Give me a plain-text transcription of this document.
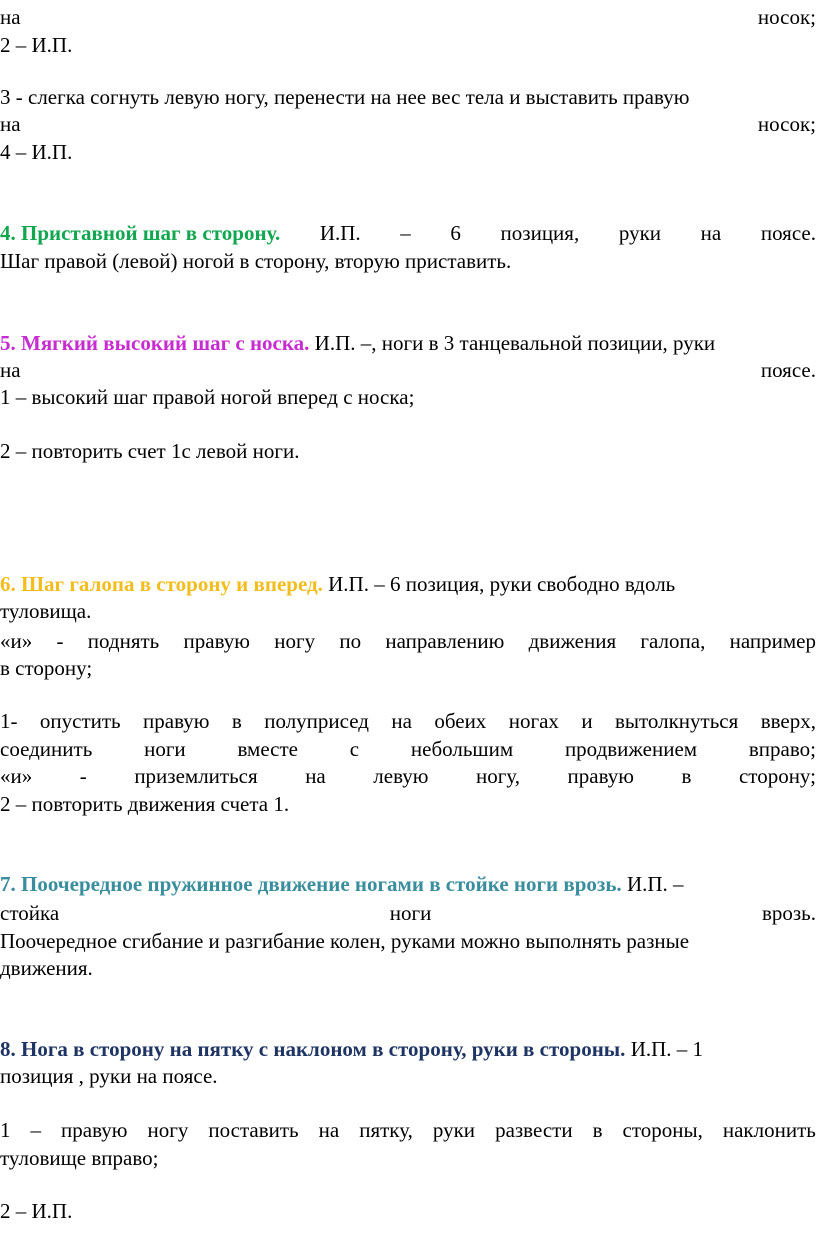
на	носок;
2 – И.П.
3 - слегка согнуть левую ногу, перенести на нее вес тела и выставить правую
на	носок;
4 – И.П.
4. Приставной шаг в сторону. И.П. – 6 позиция, руки на поясе.
Шаг правой (левой) ногой в сторону, вторую приставить.
5. Мягкий высокий шаг с носка. И.П. –, ноги в 3 танцевальной позиции, руки
на	поясе.
1 – высокий шаг правой ногой вперед с носка;
2 – повторить счет 1с левой ноги.
6. Шаг галопа в сторону и вперед. И.П. – 6 позиция, руки свободно вдоль
туловища.
«и» - поднять правую ногу по направлению движения галопа, например
в сторону;
1- опустить правую в полуприсед на обеих ногах и вытолкнуться вверх,
соединить ноги вместе с небольшим продвижением вправо;
«и» - приземлиться на левую ногу, правую в сторону;
2 – повторить движения счета 1.
7. Поочередное пружинное движение ногами в стойке ноги врозь. И.П. –
стойка	ноги	врозь.
Поочередное сгибание и разгибание колен, руками можно выполнять разные
движения.
8. Нога в сторону на пятку с наклоном в сторону, руки в стороны. И.П. – 1
позиция , руки на поясе.
1 – правую ногу поставить на пятку, руки развести в стороны, наклонить
туловище вправо;
2 – И.П.
